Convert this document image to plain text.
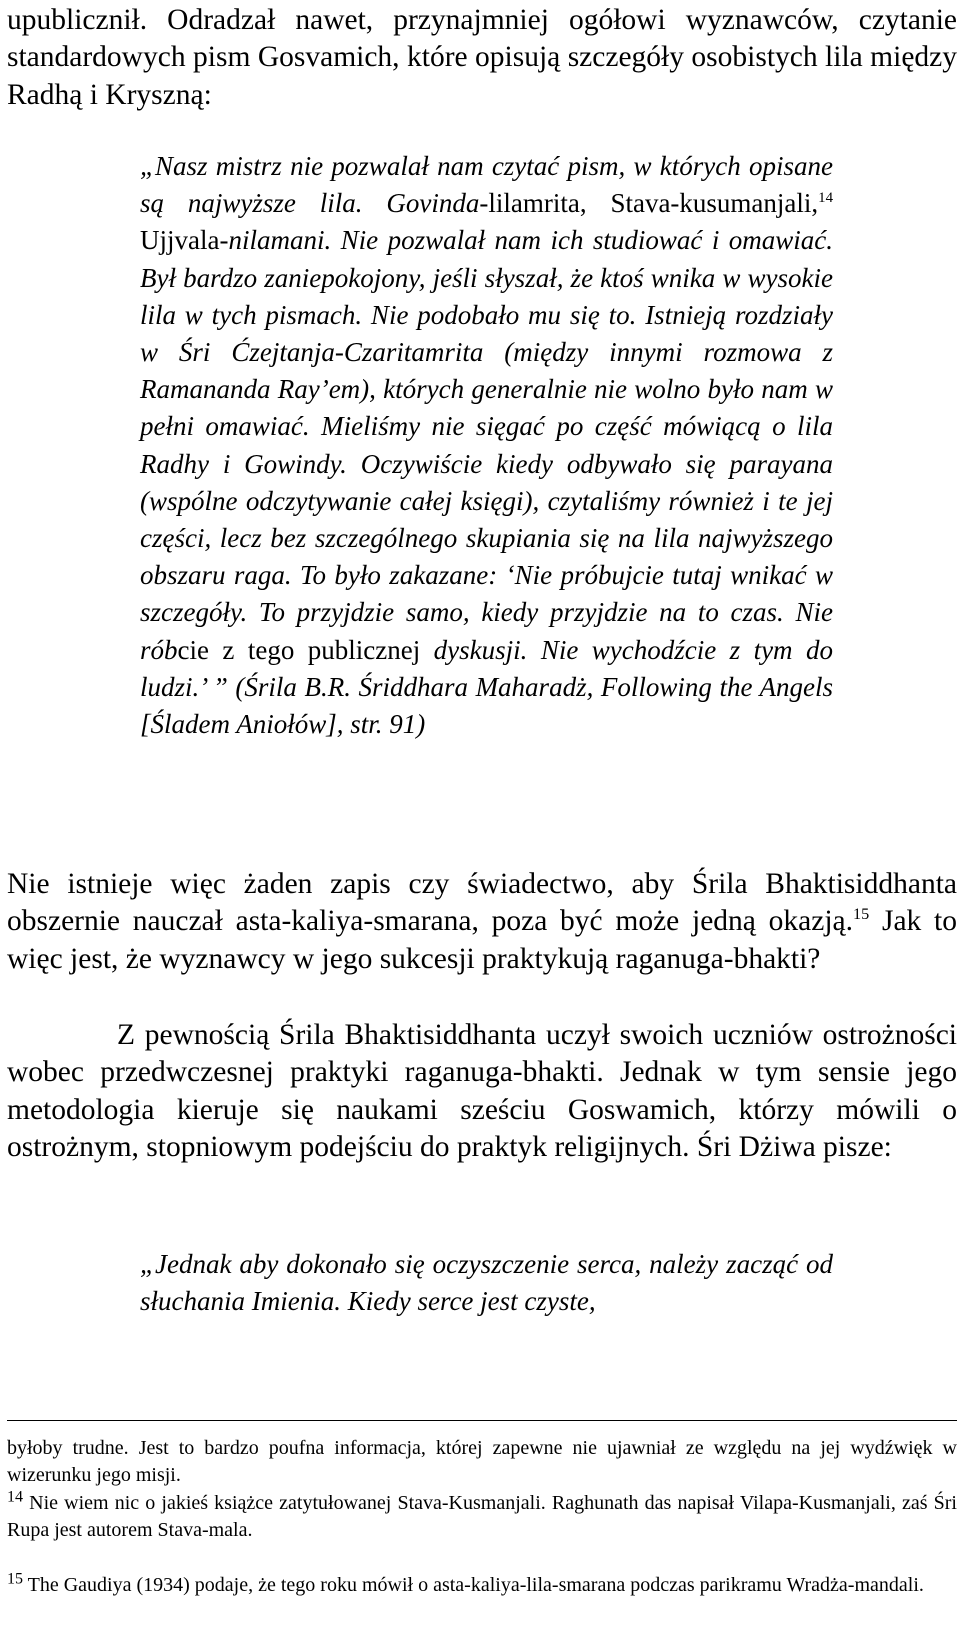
upublicznił. Odradzał nawet, przynajmniej ogółowi wyznawców, czytanie standardowych pism Gosvamich, które opisują szczegóły osobistych lila między Radhą i Kryszną:

„Nasz mistrz nie pozwalał nam czytać pism, w których opisane są najwyższe lila. Govinda-lilamrita, Stava-kusumanjali,$^{14}$ Ujjvala-nilamani. Nie pozwalał nam ich studiować i omawiać. Był bardzo zaniepokojony, jeśli słyszał, że ktoś wnika w wysokie lila w tych pismach. Nie podobało mu się to. Istnieją rozdziały w Śri Ćzejtanja-Czaritamrita (między innymi rozmowa z Ramananda Ray’em), których generalnie nie wolno było nam w pełni omawiać. Mieliśmy nie sięgać po część mówiącą o lila Radhy i Gowindy. Oczywiście kiedy odbywało się parayana (wspólne odczytywanie całej księgi), czytaliśmy również i te jej części, lecz bez szczególnego skupiania się na lila najwyższego obszaru raga. To było zakazane: ‘Nie próbujcie tutaj wnikać w szczegóły. To przyjdzie samo, kiedy przyjdzie na to czas. Nie róbcie z tego publicznej dyskusji. Nie wychodźcie z tym do ludzi.’ ” (Śrila B.R. Śriddhara Maharadż, Following the Angels [Śladem Aniołów], str. 91)

Nie istnieje więc żaden zapis czy świadectwo, aby Śrila Bhaktisiddhanta obszernie nauczał asta-kaliya-smarana, poza być może jedną okazją.$^{15}$ Jak to więc jest, że wyznawcy w jego sukcesji praktykują raganuga-bhakti?

Z pewnością Śrila Bhaktisiddhanta uczył swoich uczniów ostrożności wobec przedwczesnej praktyki raganuga-bhakti. Jednak w tym sensie jego metodologia kieruje się naukami sześciu Goswamich, którzy mówili o ostrożnym, stopniowym podejściu do praktyk religijnych. Śri Dżiwa pisze:

„Jednak aby dokonało się oczyszczenie serca, należy zacząć od słuchania Imienia. Kiedy serce jest czyste,

byłoby trudne. Jest to bardzo poufna informacja, której zapewne nie ujawniał ze względu na jej wydźwięk w wizerunku jego misji.

$^{14}$ Nie wiem nic o jakieś książce zatytułowanej Stava-Kusmanjali. Raghunath das napisał Vilapa-Kusmanjali, zaś Śri Rupa jest autorem Stava-mala.

$^{15}$ The Gaudiya (1934) podaje, że tego roku mówił o asta-kaliya-lila-smarana podczas parikramu Wradża-mandali.
